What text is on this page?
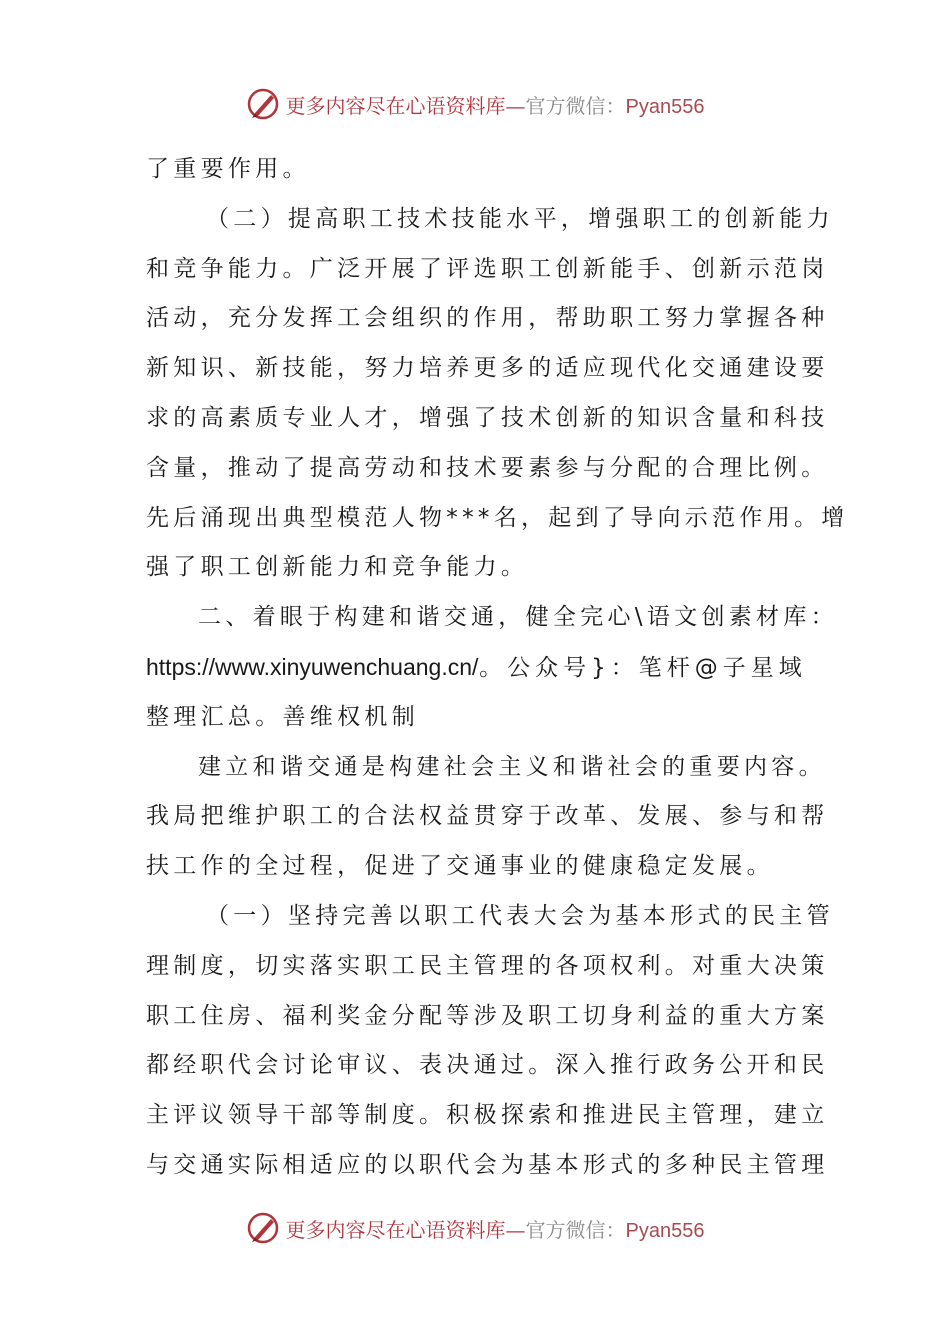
更多内容尽在心语资料库—官方微信：Pyan556
了重要作用。
（二）提高职工技术技能水平，增强职工的创新能力
和竞争能力。广泛开展了评选职工创新能手、创新示范岗
活动，充分发挥工会组织的作用，帮助职工努力掌握各种
新知识、新技能，努力培养更多的适应现代化交通建设要
求的高素质专业人才，增强了技术创新的知识含量和科技
含量，推动了提高劳动和技术要素参与分配的合理比例。
先后涌现出典型模范人物***名，起到了导向示范作用。增
强了职工创新能力和竞争能力。
二、着眼于构建和谐交通，健全完心\语文创素材库：
https://www.xinyuwenchuang.cn/。公众号}：笔杆@子星域
整理汇总。善维权机制
建立和谐交通是构建社会主义和谐社会的重要内容。
我局把维护职工的合法权益贯穿于改革、发展、参与和帮
扶工作的全过程，促进了交通事业的健康稳定发展。
（一）坚持完善以职工代表大会为基本形式的民主管
理制度，切实落实职工民主管理的各项权利。对重大决策
职工住房、福利奖金分配等涉及职工切身利益的重大方案
都经职代会讨论审议、表决通过。深入推行政务公开和民
主评议领导干部等制度。积极探索和推进民主管理，建立
与交通实际相适应的以职代会为基本形式的多种民主管理
更多内容尽在心语资料库—官方微信：Pyan556
